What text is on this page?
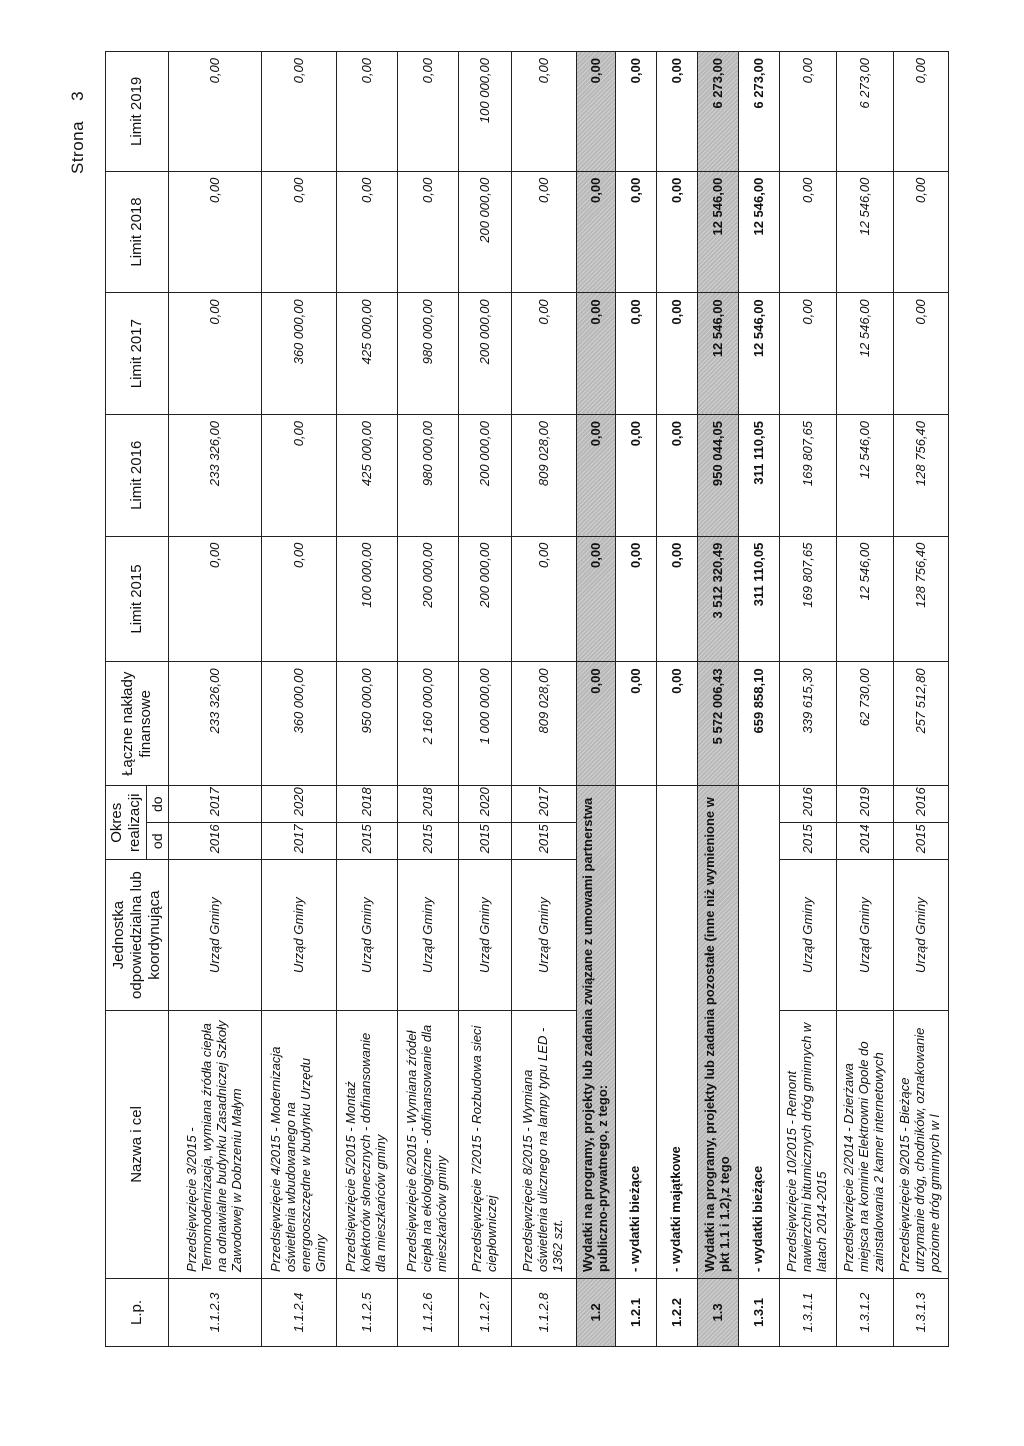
Strona3
L.p.	Nazwa i cel	Jednostka odpowiedzialna lub koordynująca	Okres realizacji		Łączne nakłady finansowe	Limit 2015	Limit 2016	Limit 2017	Limit 2018	Limit 2019
			od	do						
1.1.2.3	Przedsięwzięcie 3/2015 - Termomodernizacja, wymiana źródła ciepła na odnawialne budynku Zasadniczej Szkoły Zawodowej w Dobrzeniu Małym	Urząd Gminy	2016	2017	233 326,00	0,00	233 326,00	0,00	0,00	0,00
1.1.2.4	Przedsięwzięcie 4/2015 - Modernizacja oświetlenia wbudowanego na energooszczędne w budynku Urzędu Gminy	Urząd Gminy	2017	2020	360 000,00	0,00	0,00	360 000,00	0,00	0,00
1.1.2.5	Przedsięwzięcie 5/2015 - Montaż kolektorów słonecznych - dofinansowanie dla mieszkańców gminy	Urząd Gminy	2015	2018	950 000,00	100 000,00	425 000,00	425 000,00	0,00	0,00
1.1.2.6	Przedsięwzięcie 6/2015 - Wymiana źródeł ciepła na ekologiczne - dofinansowanie dla mieszkańców gminy	Urząd Gminy	2015	2018	2 160 000,00	200 000,00	980 000,00	980 000,00	0,00	0,00
1.1.2.7	Przedsięwzięcie 7/2015 - Rozbudowa sieci ciepłowniczej	Urząd Gminy	2015	2020	1 000 000,00	200 000,00	200 000,00	200 000,00	200 000,00	100 000,00
1.1.2.8	Przedsięwzięcie 8/2015 - Wymiana oświetlenia ulicznego na lampy typu LED - 1362 szt.	Urząd Gminy	2015	2017	809 028,00	0,00	809 028,00	0,00	0,00	0,00
1.2	Wydatki na programy, projekty lub zadania związane z umowami partnerstwa publiczno-prywatnego, z tego:				0,00	0,00	0,00	0,00	0,00	0,00
1.2.1	- wydatki bieżące				0,00	0,00	0,00	0,00	0,00	0,00
1.2.2	- wydatki majątkowe				0,00	0,00	0,00	0,00	0,00	0,00
1.3	Wydatki na programy, projekty lub zadania pozostałe (inne niż wymienione w pkt 1.1 i 1.2),z tego				5 572 006,43	3 512 320,49	950 044,05	12 546,00	12 546,00	6 273,00
1.3.1	- wydatki bieżące				659 858,10	311 110,05	311 110,05	12 546,00	12 546,00	6 273,00
1.3.1.1	Przedsięwzięcie 10/2015 - Remont nawierzchni bitumicznych dróg gminnych w latach 2014-2015	Urząd Gminy	2015	2016	339 615,30	169 807,65	169 807,65	0,00	0,00	0,00
1.3.1.2	Przedsięwzięcie 2/2014 - Dzierżawa miejsca na kominie Elektrowni Opole do zainstalowania 2 kamer internetowych	Urząd Gminy	2014	2019	62 730,00	12 546,00	12 546,00	12 546,00	12 546,00	6 273,00
1.3.1.3	Przedsięwzięcie 9/2015 - Bieżące utrzymanie dróg, chodników, oznakowanie poziome dróg gminnych w l	Urząd Gminy	2015	2016	257 512,80	128 756,40	128 756,40	0,00	0,00	0,00
